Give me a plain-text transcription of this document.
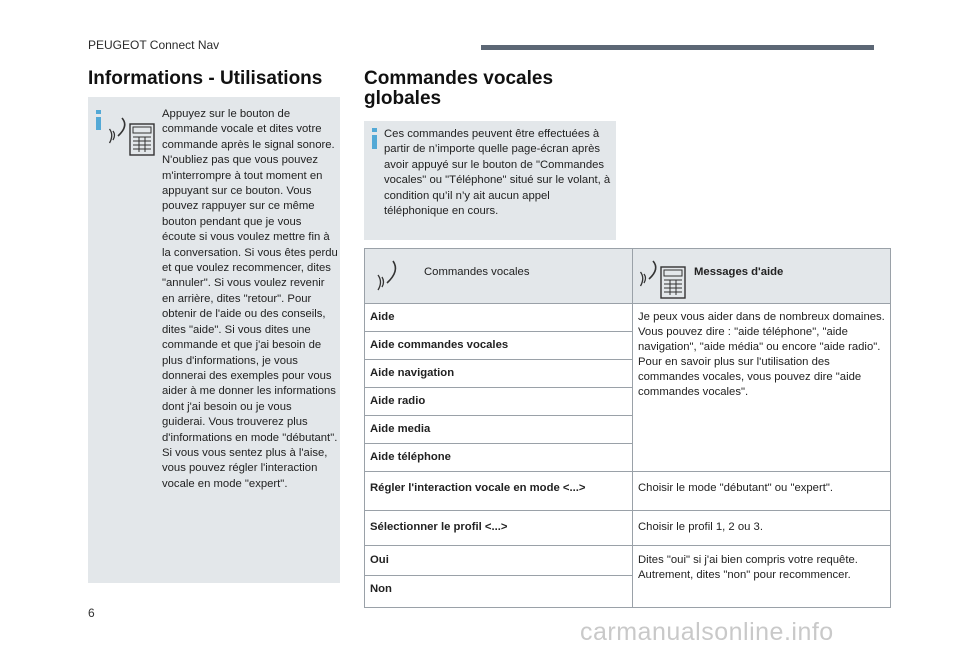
PEUGEOT Connect Nav
Informations - Utilisations Commandes vocales globales
Appuyez sur le bouton de commande vocale et dites votre commande après le signal sonore. N'oubliez pas que vous pouvez m'interrompre à tout moment en appuyant sur ce bouton. Vous pouvez rappuyer sur ce même bouton pendant que je vous écoute si vous voulez mettre fin à la conversation. Si vous êtes perdu et que voulez recommencer, dites "annuler". Si vous voulez revenir en arrière, dites "retour". Pour obtenir de l'aide ou des conseils, dites "aide". Si vous dites une commande et que j'ai besoin de plus d'informations, je vous donnerai des exemples pour vous aider à me donner les informations dont j'ai besoin ou je vous guiderai. Vous trouverez plus d'informations en mode "débutant". Si vous vous sentez plus à l'aise, vous pouvez régler l'interaction vocale en mode "expert".
Ces commandes peuvent être effectuées à partir de n’importe quelle page-écran après avoir appuyé sur le bouton de "Commandes vocales" ou "Téléphone" situé sur le volant, à condition qu’il n’y ait aucun appel téléphonique en cours.
Commandes vocales	Messages d'aide

Aide	Je peux vous aider dans de nombreux domaines. Vous pouvez dire : "aide téléphone", "aide navigation", "aide média" ou encore "aide radio". Pour en savoir plus sur l'utilisation des commandes vocales, vous pouvez dire "aide commandes vocales".
Aide commandes vocales	
Aide navigation	
Aide radio	
Aide media	
Aide téléphone	
Régler l'interaction vocale en mode <...>	Choisir le mode "débutant" ou "expert".
Sélectionner le profil <...>	Choisir le profil 1, 2 ou 3.
Oui	Dites "oui" si j'ai bien compris votre requête. Autrement, dites "non" pour recommencer.
Non	
6
carmanualsonline.info
